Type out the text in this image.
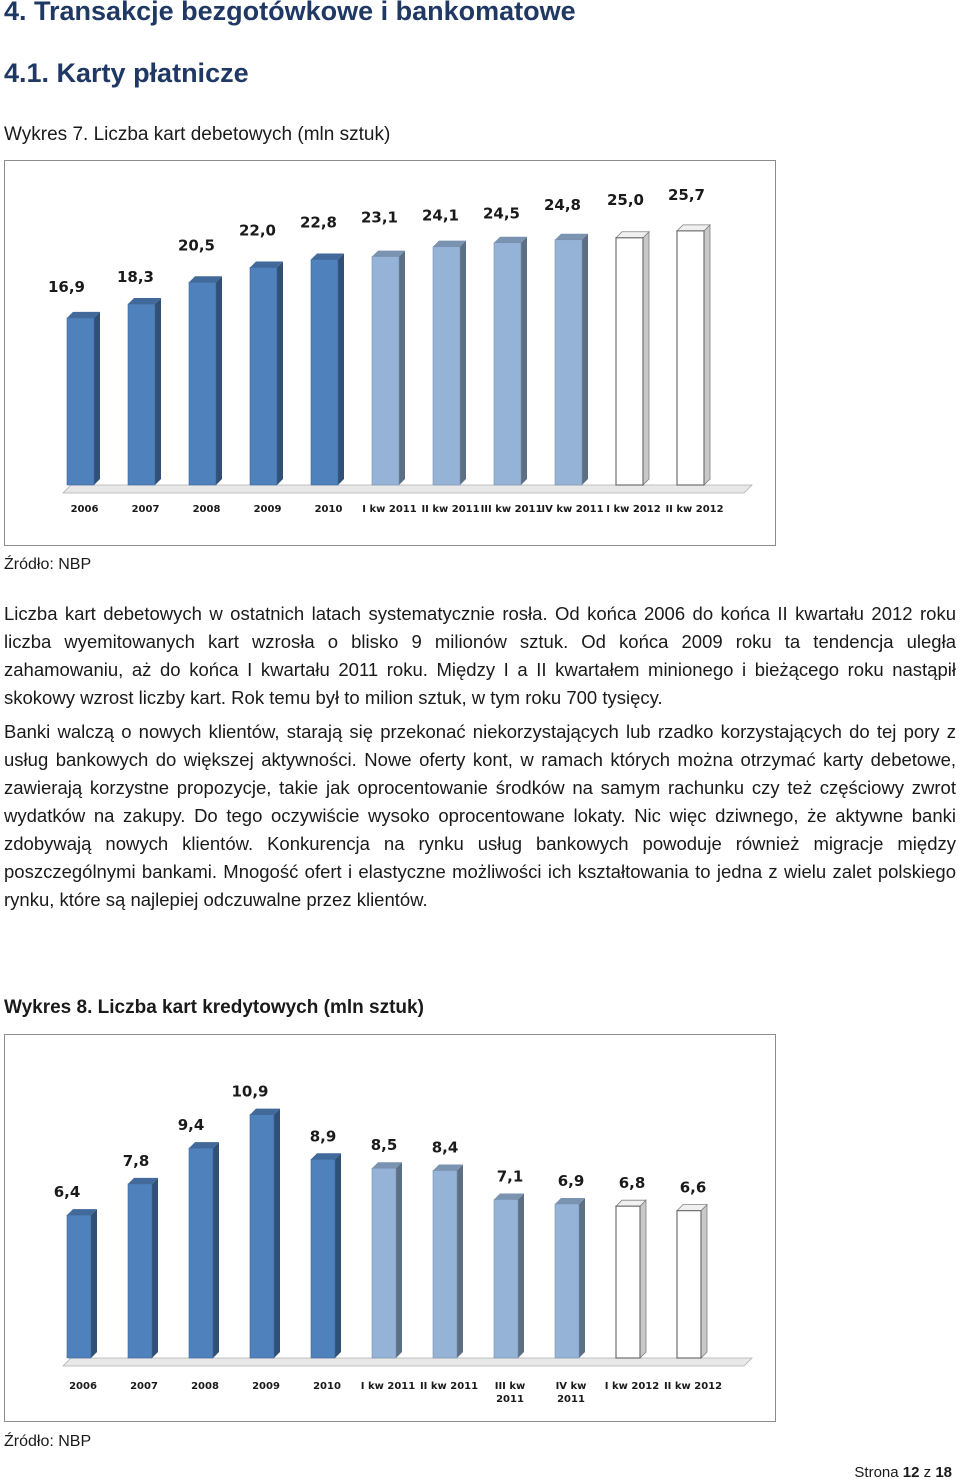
4. Transakcje bezgotówkowe i bankomatowe
4.1. Karty płatnicze
Wykres 7. Liczba kart debetowych (mln sztuk)
16,9
2006
18,3
2007
20,5
2008
22,0
2009
22,8
2010
23,1
I kw 2011
24,1
II kw 2011
24,5
III kw 2011
24,8
IV kw 2011
25,0
I kw 2012
25,7
II kw 2012
Źródło: NBP

Liczba kart debetowych w ostatnich latach systematycznie rosła. Od końca 2006 do końca II kwartału 2012 roku liczba wyemitowanych kart wzrosła o blisko 9 milionów sztuk. Od końca 2009 roku ta tendencja uległa zahamowaniu, aż do końca I kwartału 2011 roku. Między I a II kwartałem minionego i bieżącego roku nastąpił skokowy wzrost liczby kart. Rok temu był to milion sztuk, w tym roku 700 tysięcy.

Banki walczą o nowych klientów, starają się przekonać niekorzystających lub rzadko korzystających do tej pory z usług bankowych do większej aktywności. Nowe oferty kont, w ramach których można otrzymać karty debetowe, zawierają korzystne propozycje, takie jak oprocentowanie środków na samym rachunku czy też częściowy zwrot wydatków na zakupy. Do tego oczywiście wysoko oprocentowane lokaty. Nic więc dziwnego, że aktywne banki zdobywają nowych klientów. Konkurencja na rynku usług bankowych powoduje również migracje między poszczególnymi bankami. Mnogość ofert i elastyczne możliwości ich kształtowania to jedna z wielu zalet polskiego rynku, które są najlepiej odczuwalne przez klientów.

Wykres 8. Liczba kart kredytowych (mln sztuk)
6,4
2006
7,8
2007
9,4
2008
10,9
2009
8,9
2010
8,5
I kw 2011
8,4
II kw 2011
7,1
III kw
2011
6,9
IV kw
2011
6,8
I kw 2012
6,6
II kw 2012
Źródło: NBP
Strona 12 z 18
